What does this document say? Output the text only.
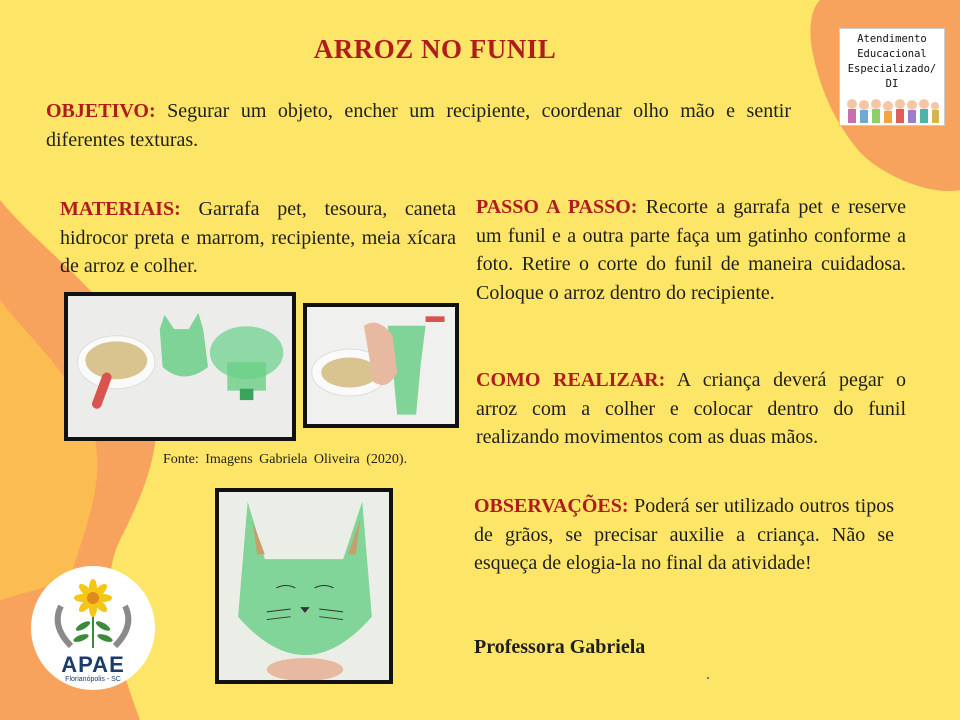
ARROZ NO FUNIL
OBJETIVO: Segurar um objeto, encher um recipiente, coordenar olho mão e sentir diferentes texturas.
MATERIAIS: Garrafa pet, tesoura, caneta hidrocor preta e marrom, recipiente, meia xícara de arroz e colher.
PASSO A PASSO: Recorte a garrafa pet e reserve um funil e a outra parte faça um gatinho conforme a foto. Retire o corte do funil de maneira cuidadosa. Coloque o arroz dentro do recipiente.
COMO REALIZAR: A criança deverá pegar o arroz com a colher e colocar dentro do funil realizando movimentos com as duas mãos.
OBSERVAÇÕES: Poderá ser utilizado outros tipos de grãos, se precisar auxilie a criança. Não se esqueça de elogia-la no final da atividade!
Fonte: Imagens Gabriela Oliveira (2020).
Professora Gabriela
Atendimento
Educacional
Especializado/ DI
APAE
Florianópolis - SC
